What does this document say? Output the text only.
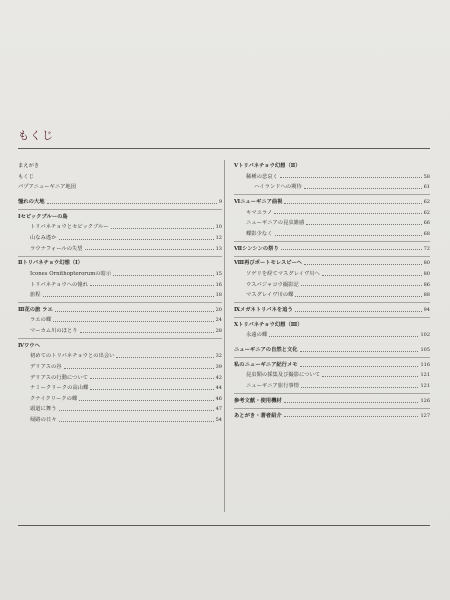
もくじ
まえがき
もくじ
パプアニューギニア地図
憧れの大地	9
Ⅰセピックブルーの島
トリバネチョウとセピックブルー	10
山なみ遙か	12
ラウナフォールの失望	13
Ⅱトリバネチョウ幻想（Ⅰ）
Icones Ornithopterorumの暗示	15
トリバネチョウへの憧れ	16
旅程	18
Ⅲ花の旅 ラエ	20
ラエの蝶	24
マーカム川のほとり	28
Ⅳワウへ
初めてのトリバネチョウとの出会い	32
デリアスの谷	39
デリアスの行動について	42
ナミークリークの高山蝶	44
クナイクリークの蝶	46
頭道に舞う	47
帰路の日々	54
Ⅴトリバネチョウ幻想（Ⅱ）
稀種の悲哀く	58
ハイランドへの期待	61
Ⅵニューギニア曲視	62
キマユラノ	62
ニューギニアの昆虫雑感	66
蝶影少なく	68
Ⅶシンシンの祭り	72
Ⅷ再びポートモレスビーへ	80
ソゲリを経てマスグレイヴ川へ	80
ウスバジャコウ撮影記	86
マスグレイヴ川の蝶	88
Ⅸメガネトリバネを追う	94
Ⅹトリバネチョウ幻想（Ⅲ）
永遠の蝶	102
ニューギニアの自然と文化	105
私のニューギニア紀行メモ	116
昆虫類の採集及び撮影について	121
ニューギニア旅行事情	121
参考文献・使用機材	126
あとがき・著者紹介	127
